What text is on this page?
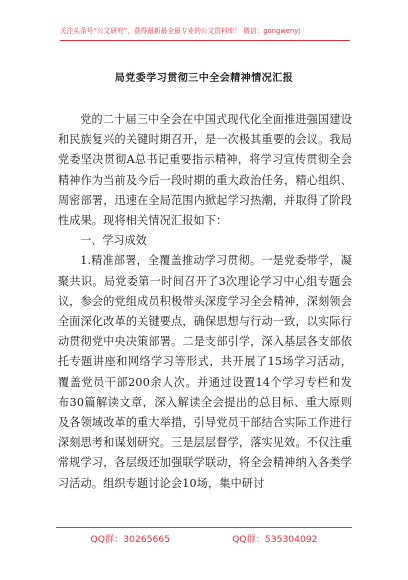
关注头条号“公文研究”，获得最新最全最专业的公文资料库！ 微信：gongwenyj
局党委学习贯彻三中全会精神情况汇报

党的二十届三中全会在中国式现代化全面推进强国建设和民族复兴的关键时期召开，是一次极其重要的会议。我局党委坚决贯彻A总书记重要指示精神，将学习宣传贯彻全会精神作为当前及今后一段时期的重大政治任务，精心组织、周密部署，迅速在全局范围内掀起学习热潮，并取得了阶段性成果。现将相关情况汇报如下：

一、学习成效

1.精准部署，全覆盖推动学习贯彻。一是党委带学，凝聚共识。局党委第一时间召开了3次理论学习中心组专题会议，参会的党组成员积极带头深度学习全会精神，深刻领会全面深化改革的关键要点，确保思想与行动一致，以实际行动贯彻党中央决策部署。二是支部引学，深入基层各支部依托专题讲座和网络学习等形式，共开展了15场学习活动，覆盖党员干部200余人次。并通过设置14个学习专栏和发布30篇解读文章，深入解读全会提出的总目标、重大原则及各领域改革的重大举措，引导党员干部结合实际工作进行深刻思考和谋划研究。三是层层督学，落实见效。不仅注重常规学习，各层级还加强联学联动，将全会精神纳入各类学习活动。组织专题讨论会10场，集中研讨

QQ群：30265665	QQ群：535304092
